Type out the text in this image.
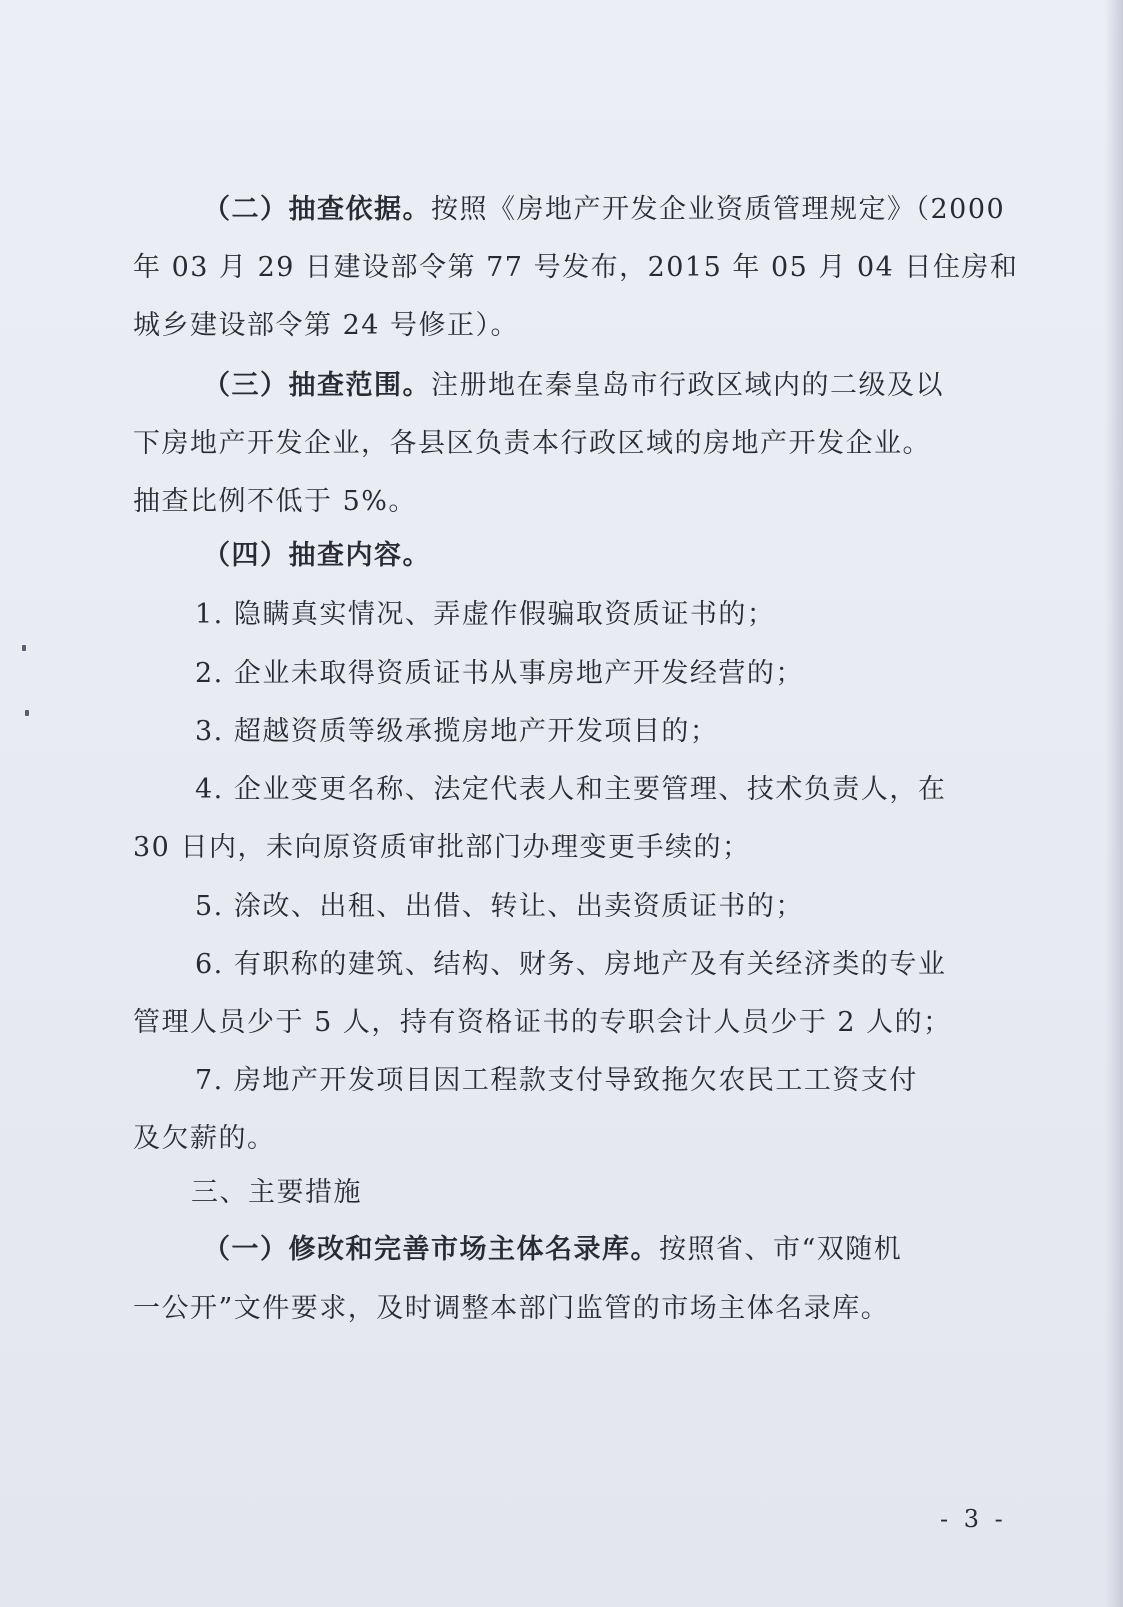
（二）抽查依据。按照《房地产开发企业资质管理规定》（2000
年 03 月 29 日建设部令第 77 号发布，2015 年 05 月 04 日住房和
城乡建设部令第 24 号修正）。
（三）抽查范围。注册地在秦皇岛市行政区域内的二级及以
下房地产开发企业，各县区负责本行政区域的房地产开发企业。
抽查比例不低于 5%。
（四）抽查内容。
1. 隐瞒真实情况、弄虚作假骗取资质证书的；
2. 企业未取得资质证书从事房地产开发经营的；
3. 超越资质等级承揽房地产开发项目的；
4. 企业变更名称、法定代表人和主要管理、技术负责人，在
30 日内，未向原资质审批部门办理变更手续的；
5. 涂改、出租、出借、转让、出卖资质证书的；
6. 有职称的建筑、结构、财务、房地产及有关经济类的专业
管理人员少于 5 人，持有资格证书的专职会计人员少于 2 人的；
7. 房地产开发项目因工程款支付导致拖欠农民工工资支付
及欠薪的。
三、主要措施
（一）修改和完善市场主体名录库。按照省、市“双随机
一公开”文件要求，及时调整本部门监管的市场主体名录库。
- 3 -
